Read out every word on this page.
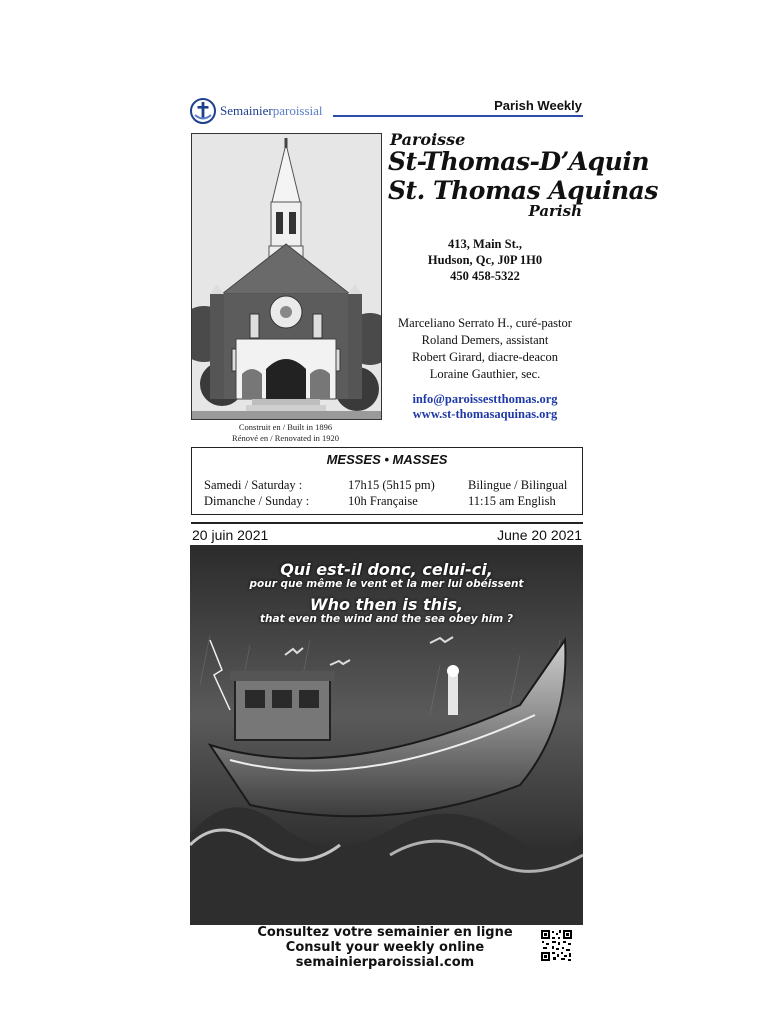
Semainierparoissial	Parish Weekly
Construit en / Built in 1896
Rénové en / Renovated in 1920
Paroisse
St-Thomas-D’Aquin
St. Thomas Aquinas
Parish
413, Main St.,
Hudson, Qc, J0P 1H0
450 458-5322
Marceliano Serrato H., curé-pastor
Roland Demers, assistant
Robert Girard, diacre-deacon
Loraine Gauthier, sec.
info@paroissestthomas.org
www.st-thomasaquinas.org
MESSES • MASSES
Samedi / Saturday :	17h15 (5h15 pm)	Bilingue / Bilingual
Dimanche / Sunday :	10h Française	11:15 am English
20 juin 2021	June 20 2021
Qui est-il donc, celui-ci,
pour que même le vent et la mer lui obéissent
Who then is this,
that even the wind and the sea obey him ?
Consultez votre semainier en ligne
Consult your weekly online
semainierparoissial.com
